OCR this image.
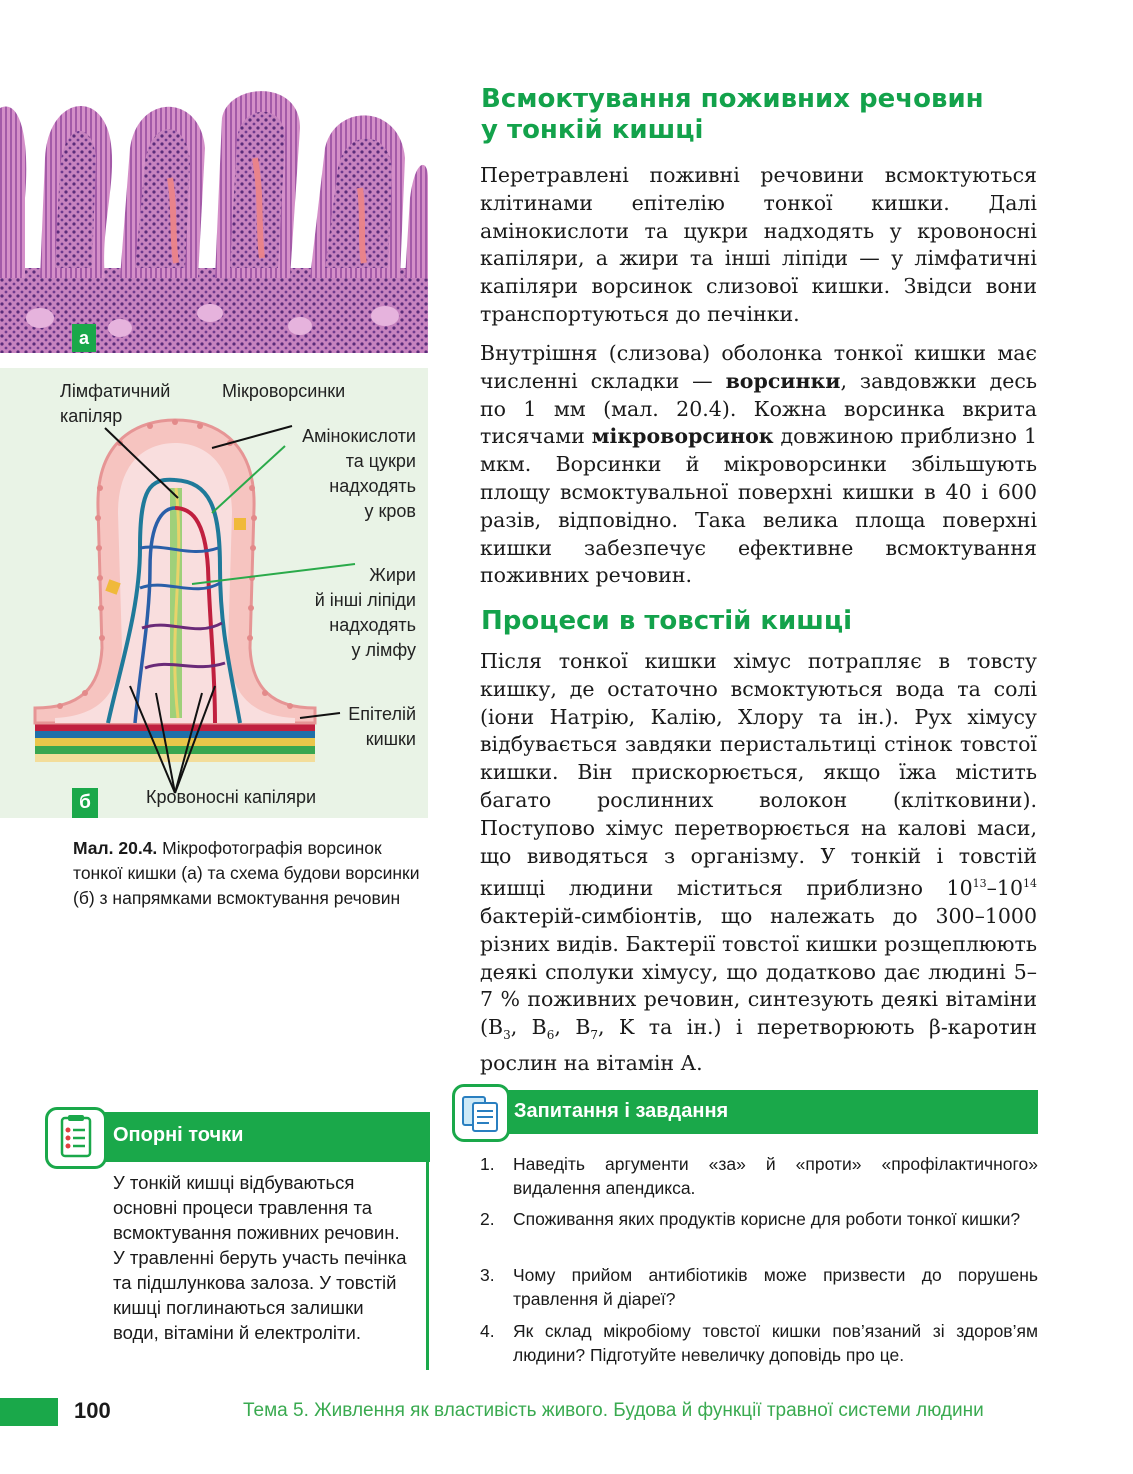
а
Лімфатичний
капіляр
Мікроворсинки
Амінокислоти
та цукри
надходять
у кров
Жири
й інші ліпіди
надходять
у лімфу
Епітелій
кишки
Кровоносні капіляри
б
Мал. 20.4. Мікрофотографія ворсинок тонкої кишки (а) та схема будови ворсинки (б) з напрямками всмоктування речовин
Всмоктування поживних речовин
у тонкій кишці
Перетравлені поживні речовини всмоктуються клітинами епітелію тонкої кишки. Далі амінокислоти та цукри надходять у кровоносні капіляри, а жири та інші ліпіди — у лімфатичні капіляри ворсинок слизової кишки. Звідси вони транспортуються до печінки.
Внутрішня (слизова) оболонка тонкої кишки має численні складки — ворсинки, завдовжки десь по 1 мм (мал. 20.4). Кожна ворсинка вкрита тисячами мікроворсинок довжиною приблизно 1 мкм. Ворсинки й мікроворсинки збільшують площу всмоктувальної поверхні кишки в 40 і 600 разів, відповідно. Така велика площа поверхні кишки забезпечує ефективне всмоктування поживних речовин.
Процеси в товстій кишці
Після тонкої кишки хімус потрапляє в товсту кишку, де остаточно всмоктуються вода та солі (іони Натрію, Калію, Хлору та ін.). Рух хімусу відбувається завдяки перистальтиці стінок товстої кишки. Він прискорюється, якщо їжа містить багато рослинних волокон (клітковини). Поступово хімус перетворюється на калові маси, що виводяться з організму. У тонкій і товстій кишці людини міститься приблизно $10^{13}-10^{14}$ бактерій-симбіонтів, що належать до 300–1000 різних видів. Бактерії товстої кишки розщеплюють деякі сполуки хімусу, що додатково дає людині 5–7 % поживних речовин, синтезують деякі вітаміни ($B_3$, $B_6$, $B_7$, K та ін.) і перетворюють β-каротин рослин на вітамін А.
Опорні точки
У тонкій кишці відбуваються основні процеси травлення та всмоктування поживних речовин. У травленні беруть участь печінка та підшлункова залоза. У товстій кишці поглинаються залишки води, вітаміни й електроліти.
Запитання і завдання
1.	Наведіть аргументи «за» й «проти» «профілактичного» видалення апендикса.
2.	Споживання яких продуктів корисне для роботи тонкої кишки?
3.	Чому прийом антибіотиків може призвести до порушень травлення й діареї?
4.	Як склад мікробіому товстої кишки пов’язаний зі здоров’ям людини? Підготуйте невеличку доповідь про це.
100	Тема 5. Живлення як властивість живого. Будова й функції травної системи людини
